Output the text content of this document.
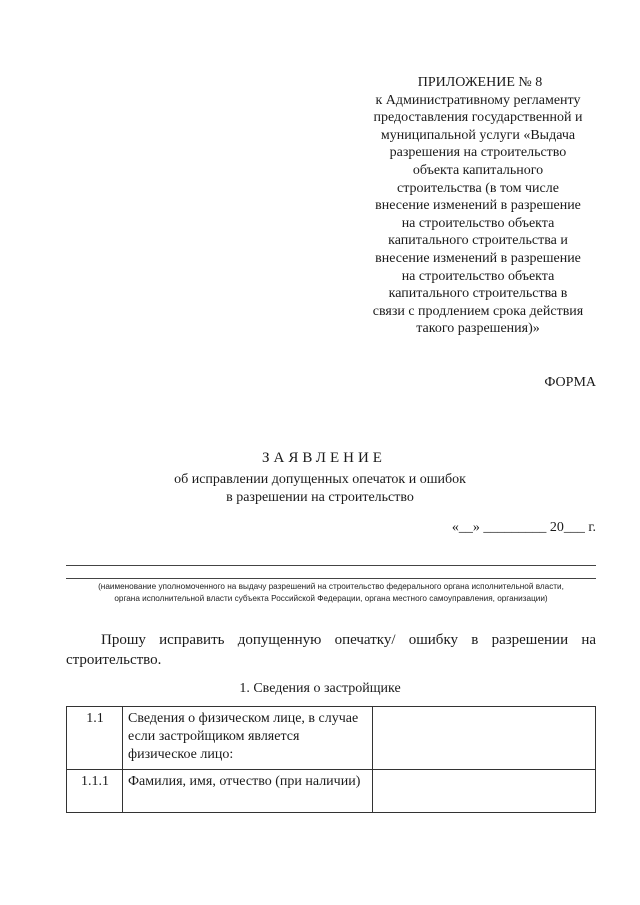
ПРИЛОЖЕНИЕ № 8
к Административному регламенту
предоставления государственной и
муниципальной услуги «Выдача
разрешения на строительство
объекта капитального
строительства (в том числе
внесение изменений в разрешение
на строительство объекта
капитального строительства и
внесение изменений в разрешение
на строительство объекта
капитального строительства в
связи с продлением срока действия
такого разрешения)»
ФОРМА
ЗАЯВЛЕНИЕ
об исправлении допущенных опечаток и ошибок
в разрешении на строительство
«__» _________ 20___ г.
(наименование уполномоченного на выдачу разрешений на строительство федерального органа исполнительной власти,
органа исполнительной власти субъекта Российской Федерации, органа местного самоуправления, организации)
Прошу исправить допущенную опечатку/ ошибку в разрешении на
строительство.
1. Сведения о застройщике
1.1	Сведения о физическом лице, в случае если застройщиком является физическое лицо:	
1.1.1	Фамилия, имя, отчество (при наличии)	
